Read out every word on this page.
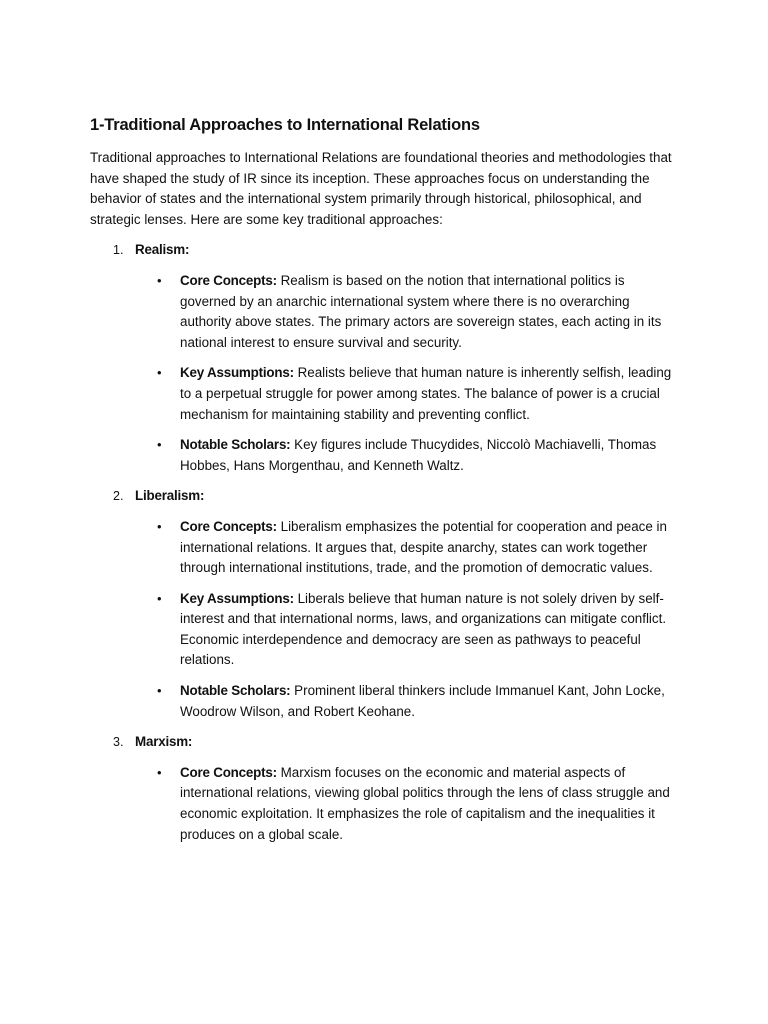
1-Traditional Approaches to International Relations

Traditional approaches to International Relations are foundational theories and methodologies that have shaped the study of IR since its inception. These approaches focus on understanding the behavior of states and the international system primarily through historical, philosophical, and strategic lenses. Here are some key traditional approaches:

1. Realism:
• Core Concepts: Realism is based on the notion that international politics is governed by an anarchic international system where there is no overarching authority above states. The primary actors are sovereign states, each acting in its national interest to ensure survival and security.
• Key Assumptions: Realists believe that human nature is inherently selfish, leading to a perpetual struggle for power among states. The balance of power is a crucial mechanism for maintaining stability and preventing conflict.
• Notable Scholars: Key figures include Thucydides, Niccolò Machiavelli, Thomas Hobbes, Hans Morgenthau, and Kenneth Waltz.
2. Liberalism:
• Core Concepts: Liberalism emphasizes the potential for cooperation and peace in international relations. It argues that, despite anarchy, states can work together through international institutions, trade, and the promotion of democratic values.
• Key Assumptions: Liberals believe that human nature is not solely driven by self-interest and that international norms, laws, and organizations can mitigate conflict. Economic interdependence and democracy are seen as pathways to peaceful relations.
• Notable Scholars: Prominent liberal thinkers include Immanuel Kant, John Locke, Woodrow Wilson, and Robert Keohane.
3. Marxism:
• Core Concepts: Marxism focuses on the economic and material aspects of international relations, viewing global politics through the lens of class struggle and economic exploitation. It emphasizes the role of capitalism and the inequalities it produces on a global scale.
